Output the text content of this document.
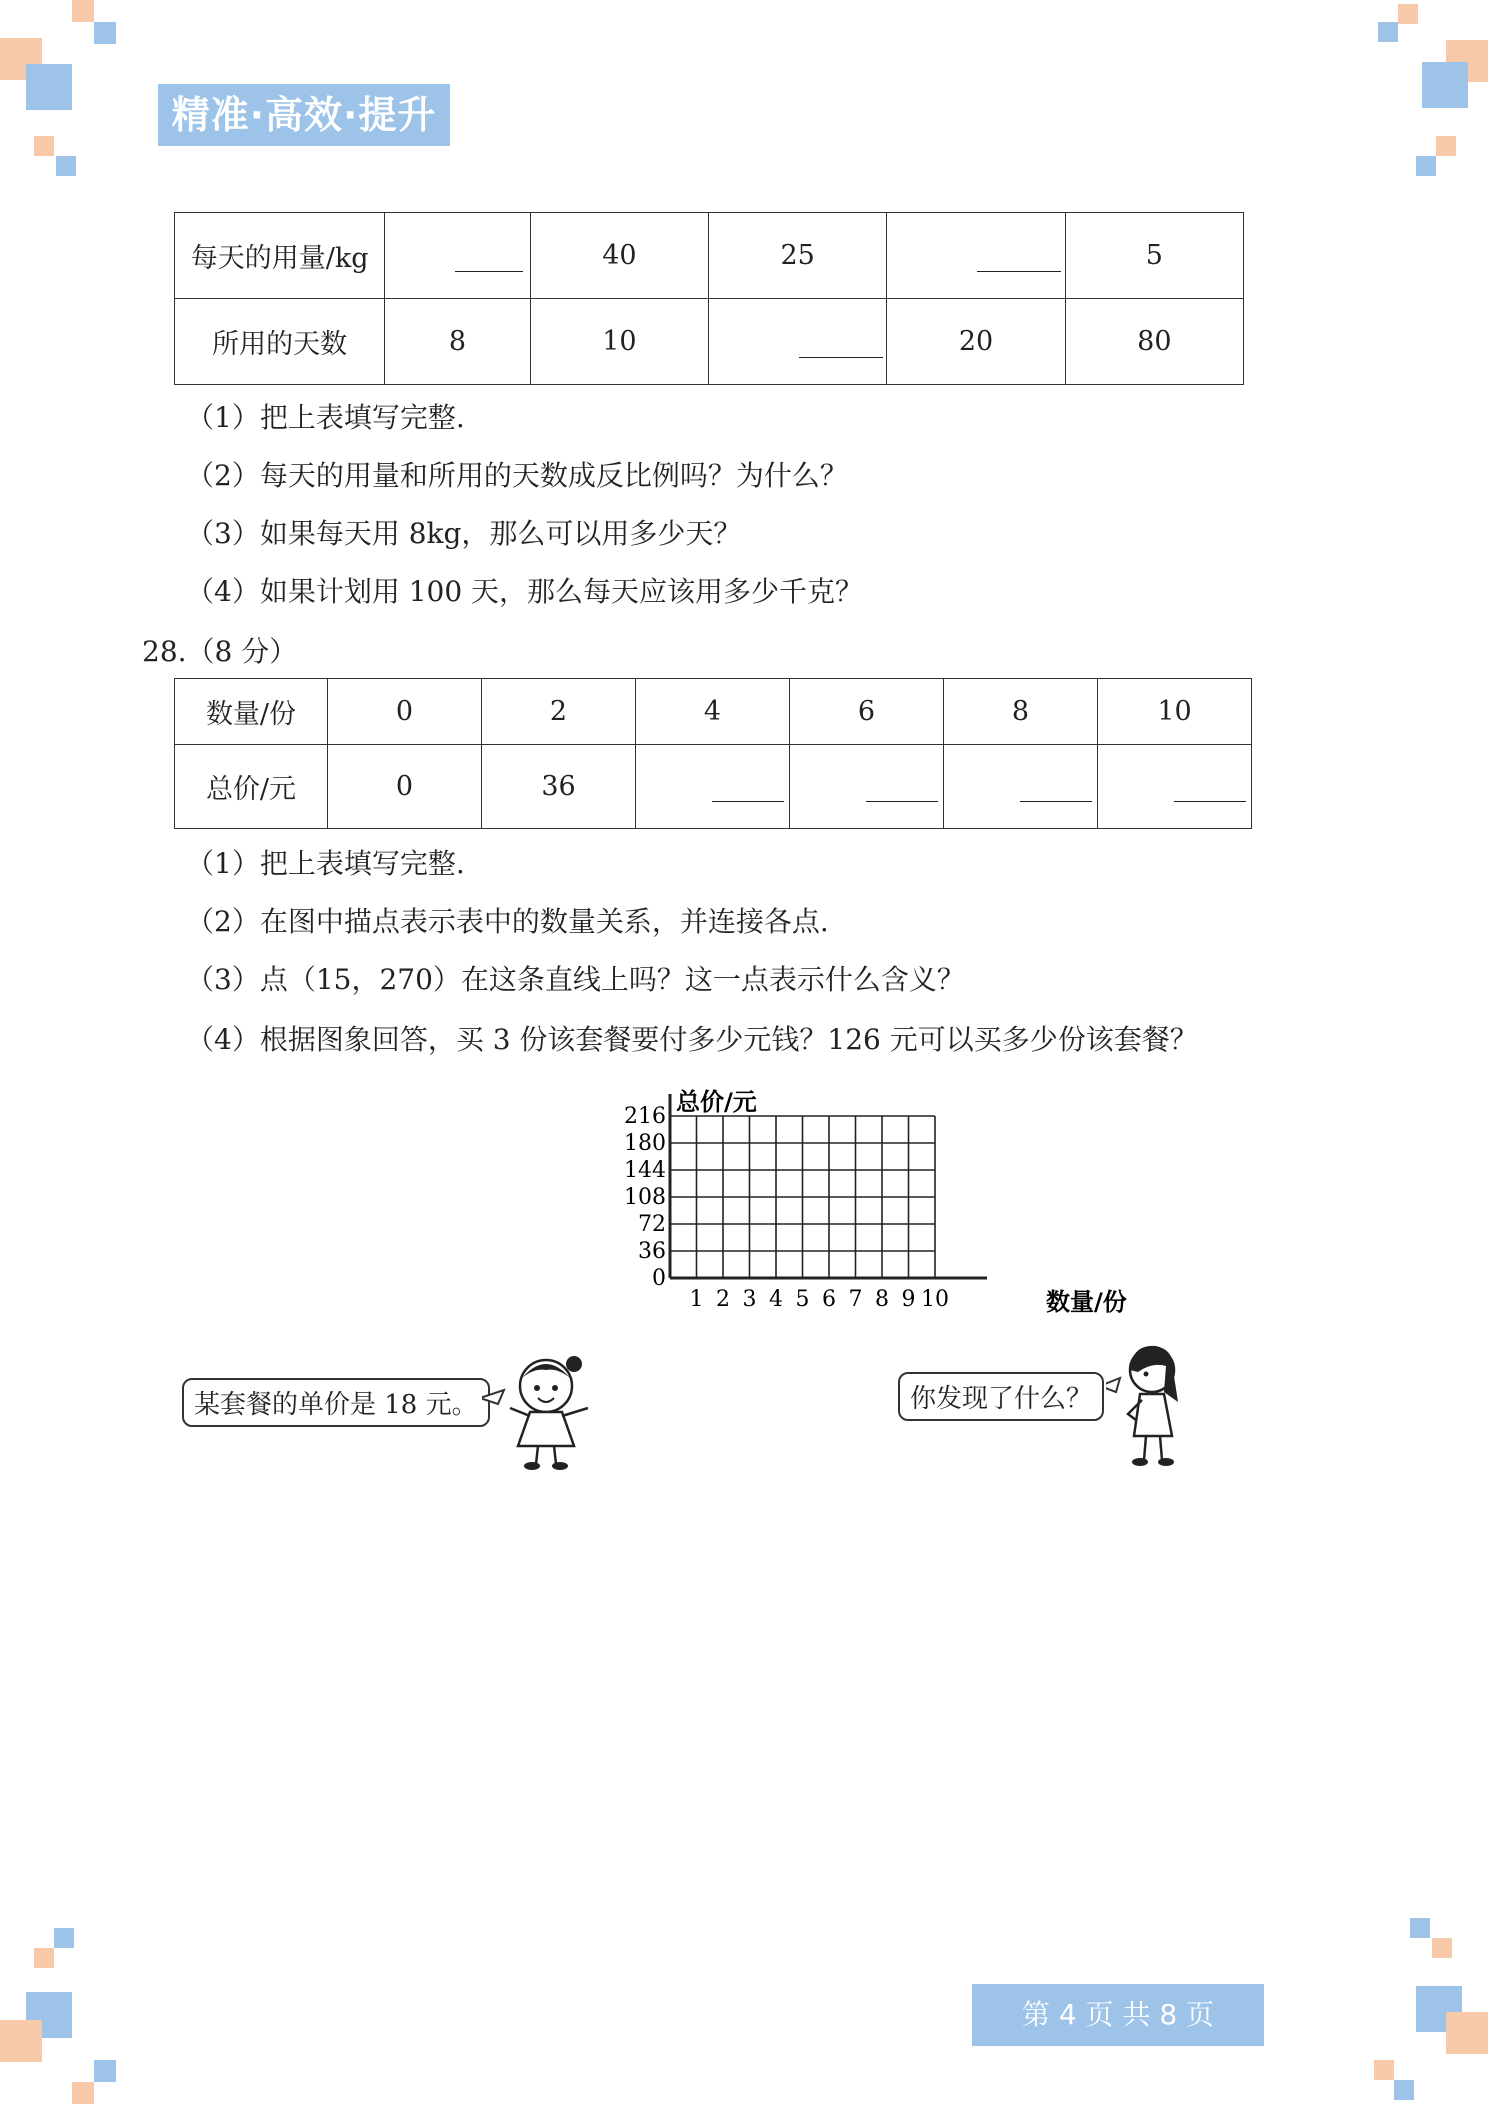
精准·高效·提升
每天的用量/kg		40	25		5
所用的天数	8	10		20	80
（1）把上表填写完整.
（2）每天的用量和所用的天数成反比例吗？为什么？
（3）如果每天用 8kg，那么可以用多少天？
（4）如果计划用 100 天，那么每天应该用多少千克？
28.（8 分）
数量/份	0	2	4	6	8	10
总价/元	0	36	

（1）把上表填写完整.
（2）在图中描点表示表中的数量关系，并连接各点.
（3）点（15，270）在这条直线上吗？这一点表示什么含义？
（4）根据图象回答，买 3 份该套餐要付多少元钱？126 元可以买多少份该套餐？
0
36
72
108
144
180
216
1 2 3 4 5 6 7 8 9 10
总价/元
数量/份
某套餐的单价是 18 元。	你发现了什么？
第 4 页 共 8 页
